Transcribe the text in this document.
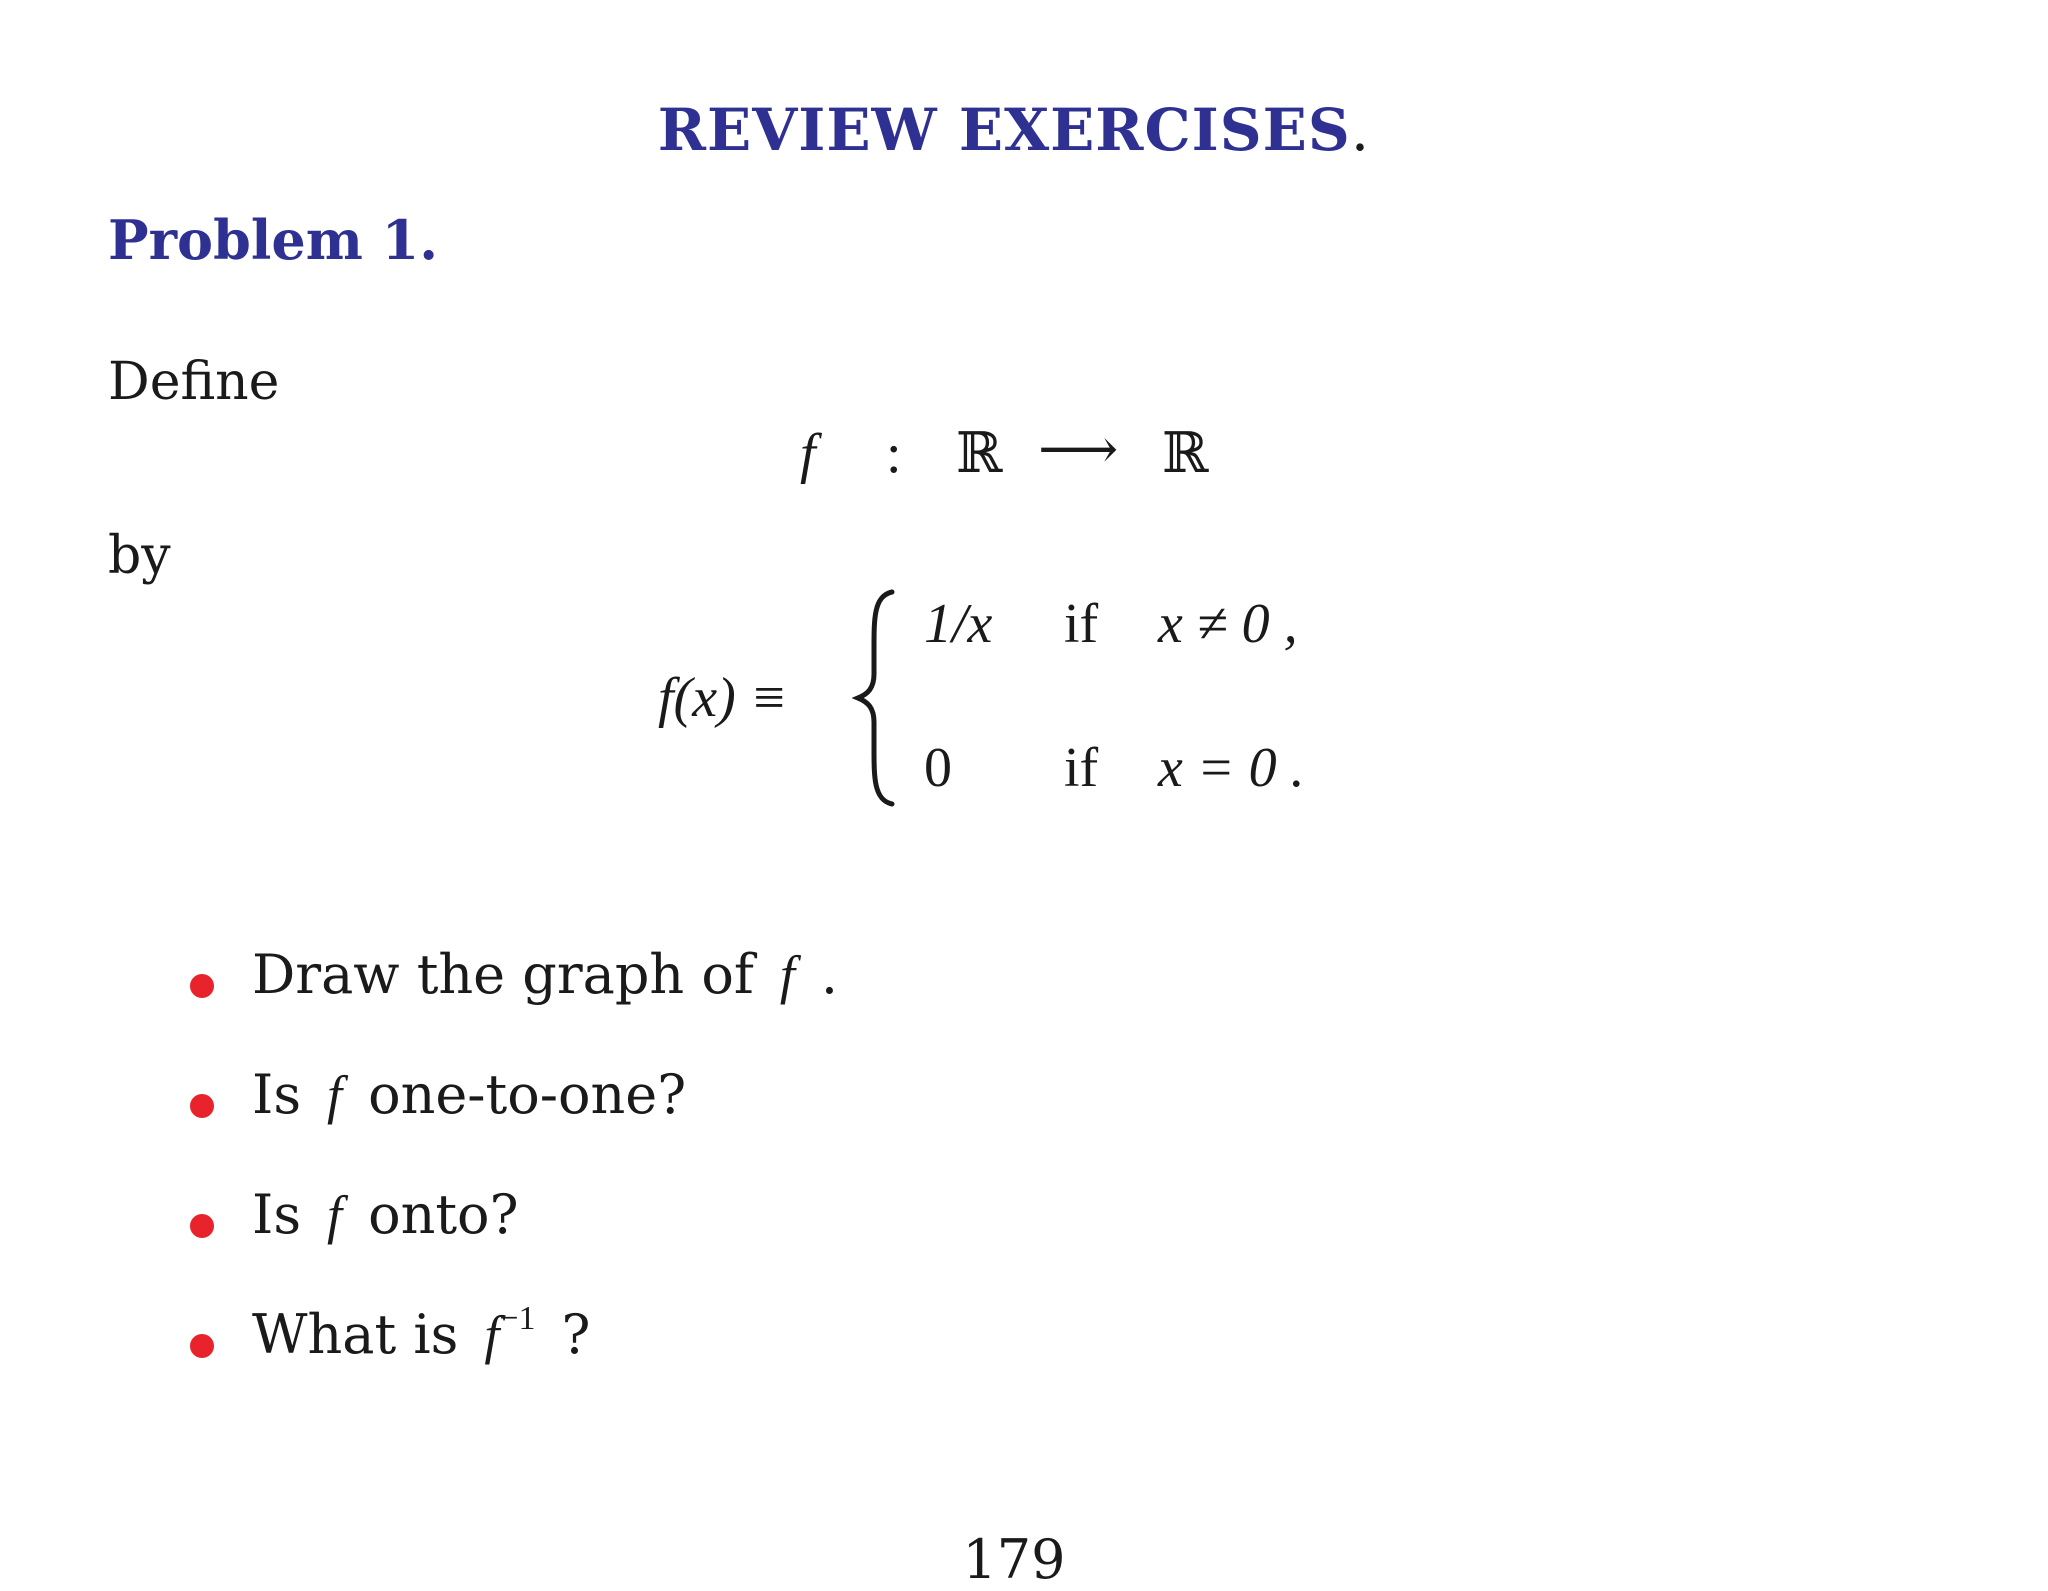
REVIEW EXERCISES.
Problem 1.
Define
f : ℝ ⟶ ℝ
by
f(x) ≡
1/x if x ≠ 0 ,
0 if x = 0 .
Draw the graph of f .
Is f one-to-one?
Is f onto?
What is $f^{-1}$ ?
179
